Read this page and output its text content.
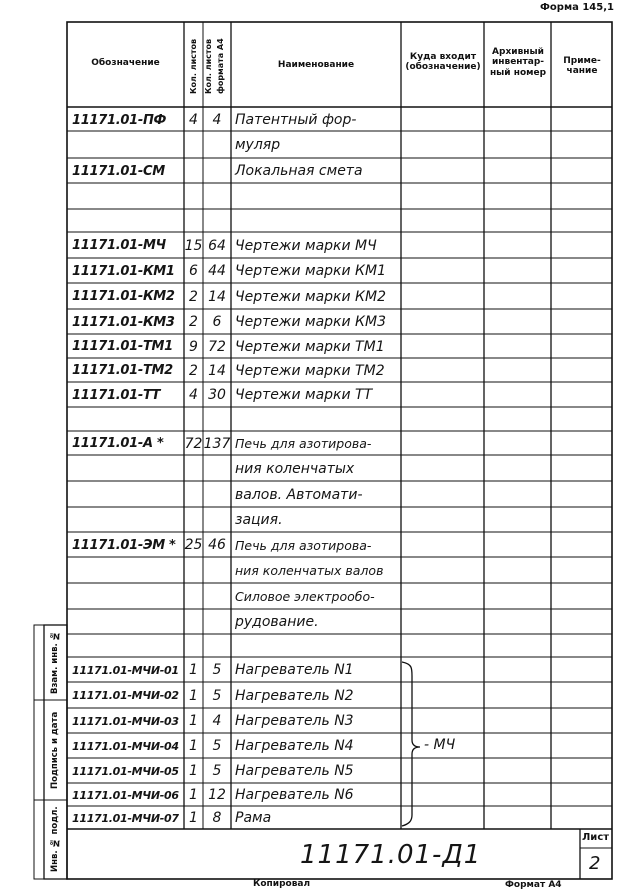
Форма 145,1
Обозначение	Кол. листов Кол. листов формата А4	Наименование
Куда входит (обозначение)
Архивный инвентар-ный номер
Приме-чание
11171.01-ПФ	4	4 Патентный фор-
муляр
11171.01-СМ	Локальная смета
11171.01-МЧ	15 64 Чертежи марки МЧ
11171.01-КМ1	6 44 Чертежи марки КМ1
11171.01-КМ2	2 14 Чертежи марки КМ2
11171.01-КМ3	2	6 Чертежи марки КМ3
11171.01-ТМ1	9 72 Чертежи марки ТМ1
11171.01-ТМ2	2 14 Чертежи марки ТМ2
11171.01-ТТ	4 30 Чертежи марки ТТ
11171.01-А *	72 137 Печь для азотирова-
ния коленчатых
валов. Автомати-
зация.
11171.01-ЭМ * 25 46 Печь для азотирова-
ния коленчатых валов
Силовое электрообо-
рудование.
11171.01-МЧИ-01 1	5 Нагреватель N1
11171.01-МЧИ-02 1	5 Нагреватель N2
11171.01-МЧИ-03 1	4 Нагреватель N3
11171.01-МЧИ-04 1	5 Нагреватель N4
11171.01-МЧИ-05 1	5 Нагреватель N5
11171.01-МЧИ-06 1 12 Нагреватель N6
11171.01-МЧИ-07 1	8 Рама
- МЧ
11171.01-Д1
Лист
2
Инв. № подл.
Подпись и дата
Взам. инв. №
Копировал	Формат А4
